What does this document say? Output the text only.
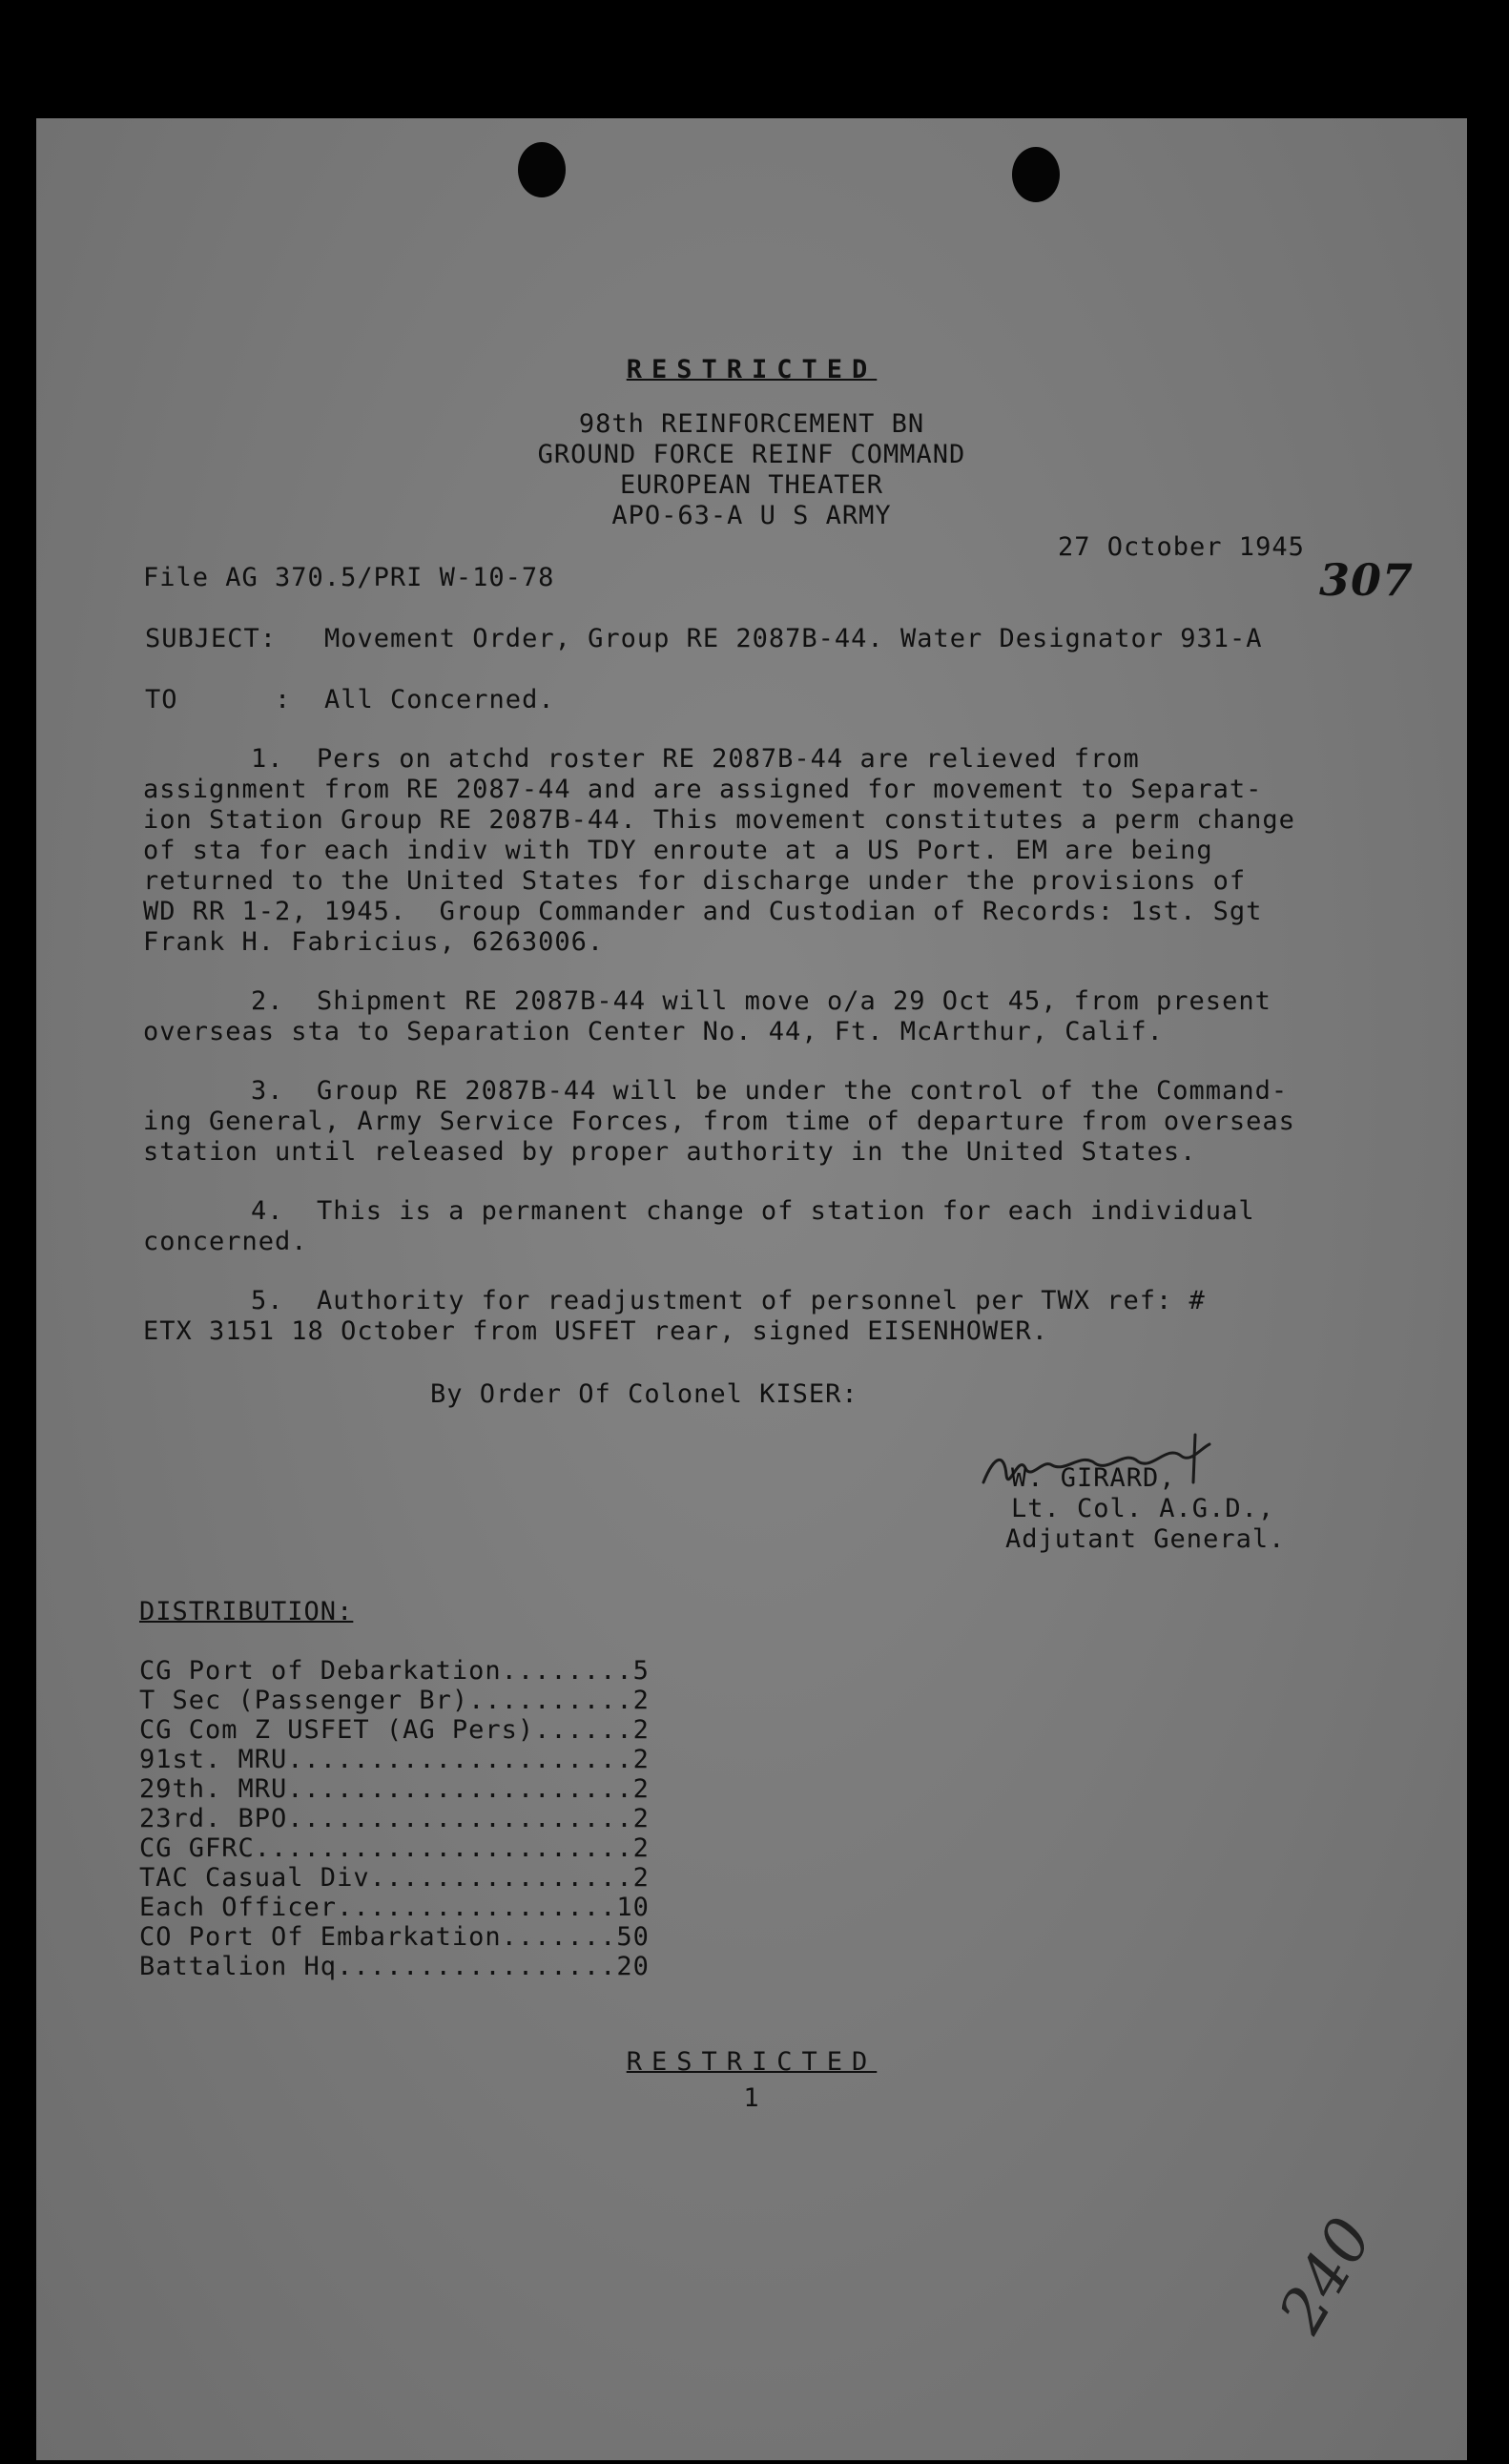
RESTRICTED
98th REINFORCEMENT BN
GROUND FORCE REINF COMMAND
EUROPEAN THEATER
APO-63-A U S ARMY
27 October 1945
File AG 370.5/PRI W-10-78	307
SUBJECT: Movement Order, Group RE 2087B-44. Water Designator 931-A
TO	: All Concerned.
1.  Pers on atchd roster RE 2087B-44 are relieved from
assignment from RE 2087-44 and are assigned for movement to Separat-
ion Station Group RE 2087B-44. This movement constitutes a perm change
of sta for each indiv with TDY enroute at a US Port. EM are being
returned to the United States for discharge under the provisions of
WD RR 1-2, 1945.  Group Commander and Custodian of Records: 1st. Sgt
Frank H. Fabricius, 6263006.
2.  Shipment RE 2087B-44 will move o/a 29 Oct 45, from present
overseas sta to Separation Center No. 44, Ft. McArthur, Calif.
3.  Group RE 2087B-44 will be under the control of the Command-
ing General, Army Service Forces, from time of departure from overseas
station until released by proper authority in the United States.
4.  This is a permanent change of station for each individual
concerned.
5.  Authority for readjustment of personnel per TWX ref: #
ETX 3151 18 October from USFET rear, signed EISENHOWER.
By Order Of Colonel KISER:
W. GIRARD,
Lt. Col. A.G.D.,
Adjutant General.
DISTRIBUTION:
CG Port of Debarkation........5
T Sec (Passenger Br)..........2
CG Com Z USFET (AG Pers)......2
91st. MRU.....................2
29th. MRU.....................2
23rd. BPO.....................2
CG GFRC.......................2
TAC Casual Div................2
Each Officer.................10
CO Port Of Embarkation.......50
Battalion Hq.................20
RESTRICTED
1
240
